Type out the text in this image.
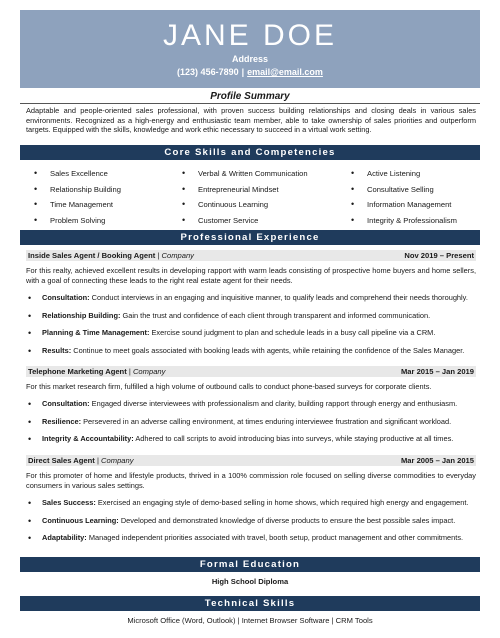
JANE DOE
Address
(123) 456-7890 | email@email.com
Profile Summary
Adaptable and people-oriented sales professional, with proven success building relationships and closing deals in various sales environments. Recognized as a high-energy and enthusiastic team member, able to take ownership of sales priorities and outperform targets. Equipped with the skills, knowledge and work ethic necessary to succeed in a virtual work setting.
Core Skills and Competencies
• Sales Excellence
• Relationship Building
• Time Management
• Problem Solving
• Verbal & Written Communication
• Entrepreneurial Mindset
• Continuous Learning
• Customer Service
• Active Listening
• Consultative Selling
• Information Management
• Integrity & Professionalism
Professional Experience
Inside Sales Agent / Booking Agent | Company	Nov 2019 – Present
For this realty, achieved excellent results in developing rapport with warm leads consisting of prospective home buyers and home sellers, with a goal of connecting these leads to the right real estate agent for their needs.
• Consultation: Conduct interviews in an engaging and inquisitive manner, to qualify leads and comprehend their needs thoroughly.
• Relationship Building: Gain the trust and confidence of each client through transparent and informed communication.
• Planning & Time Management: Exercise sound judgment to plan and schedule leads in a busy call pipeline via a CRM.
• Results: Continue to meet goals associated with booking leads with agents, while retaining the confidence of the Sales Manager.
Telephone Marketing Agent | Company	Mar 2015 – Jan 2019
For this market research firm, fulfilled a high volume of outbound calls to conduct phone-based surveys for corporate clients.
• Consultation: Engaged diverse interviewees with professionalism and clarity, building rapport through energy and enthusiasm.
• Resilience: Persevered in an adverse calling environment, at times enduring interviewee frustration and significant workload.
• Integrity & Accountability: Adhered to call scripts to avoid introducing bias into surveys, while staying productive at all times.
Direct Sales Agent | Company	Mar 2005 – Jan 2015
For this promoter of home and lifestyle products, thrived in a 100% commission role focused on selling diverse commodities to everyday consumers in various sales settings.
• Sales Success: Exercised an engaging style of demo-based selling in home shows, which required high energy and engagement.
• Continuous Learning: Developed and demonstrated knowledge of diverse products to ensure the best possible sales impact.
• Adaptability: Managed independent priorities associated with travel, booth setup, product management and other commitments.
Formal Education
High School Diploma
Technical Skills
Microsoft Office (Word, Outlook) | Internet Browser Software | CRM Tools
